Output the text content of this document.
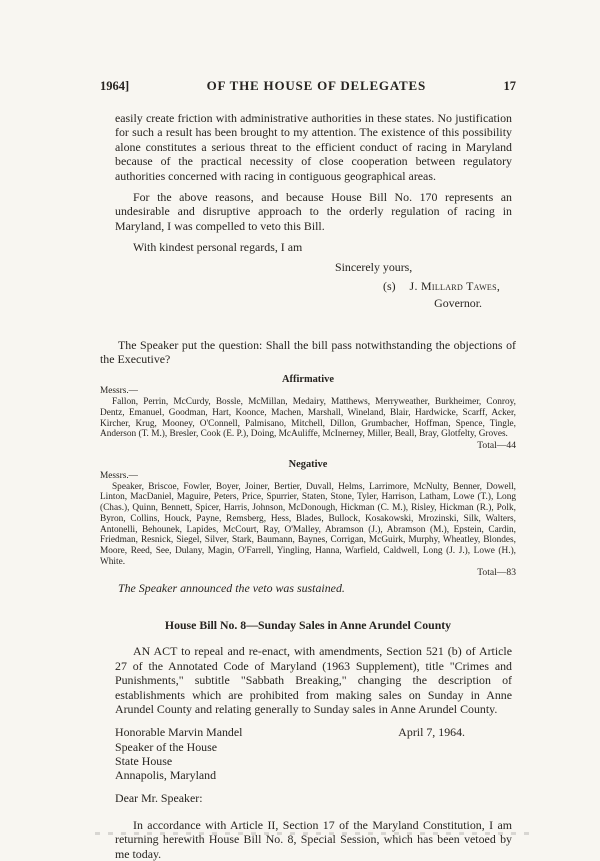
1964]	OF THE HOUSE OF DELEGATES	17

easily create friction with administrative authorities in these states. No justification for such a result has been brought to my attention. The existence of this possibility alone constitutes a serious threat to the efficient conduct of racing in Maryland because of the practical necessity of close cooperation between regulatory authorities concerned with racing in contiguous geographical areas.

For the above reasons, and because House Bill No. 170 represents an undesirable and disruptive approach to the orderly regulation of racing in Maryland, I was compelled to veto this Bill.

With kindest personal regards, I am

Sincerely yours,

(s) J. Millard Tawes,

Governor.

The Speaker put the question: Shall the bill pass notwithstanding the objections of the Executive?

Affirmative

Messrs.—

Fallon, Perrin, McCurdy, Bossle, McMillan, Medairy, Matthews, Merryweather, Burkheimer, Conroy, Dentz, Emanuel, Goodman, Hart, Koonce, Machen, Marshall, Wineland, Blair, Hardwicke, Scarff, Acker, Kircher, Krug, Mooney, O'Connell, Palmisano, Mitchell, Dillon, Grumbacher, Hoffman, Spence, Tingle, Anderson (T. M.), Bresler, Cook (E. P.), Doing, McAuliffe, McInerney, Miller, Beall, Bray, Glotfelty, Groves.

Total—44

Negative

Messrs.—

Speaker, Briscoe, Fowler, Boyer, Joiner, Bertier, Duvall, Helms, Larrimore, McNulty, Benner, Dowell, Linton, MacDaniel, Maguire, Peters, Price, Spurrier, Staten, Stone, Tyler, Harrison, Latham, Lowe (T.), Long (Chas.), Quinn, Bennett, Spicer, Harris, Johnson, McDonough, Hickman (C. M.), Risley, Hickman (R.), Polk, Byron, Collins, Houck, Payne, Remsberg, Hess, Blades, Bullock, Kosakowski, Mrozinski, Silk, Walters, Antonelli, Behounek, Lapides, McCourt, Ray, O'Malley, Abramson (J.), Abramson (M.), Epstein, Cardin, Friedman, Resnick, Siegel, Silver, Stark, Baumann, Baynes, Corrigan, McGuirk, Murphy, Wheatley, Blondes, Moore, Reed, See, Dulany, Magin, O'Farrell, Yingling, Hanna, Warfield, Caldwell, Long (J. J.), Lowe (H.), White.

Total—83

The Speaker announced the veto was sustained.

House Bill No. 8—Sunday Sales in Anne Arundel County

AN ACT to repeal and re-enact, with amendments, Section 521 (b) of Article 27 of the Annotated Code of Maryland (1963 Supplement), title "Crimes and Punishments," subtitle "Sabbath Breaking," changing the description of establishments which are prohibited from making sales on Sunday in Anne Arundel County and relating generally to Sunday sales in Anne Arundel County.

Honorable Marvin Mandel	April 7, 1964.
Speaker of the House
State House
Annapolis, Maryland

Dear Mr. Speaker:

In accordance with Article II, Section 17 of the Maryland Constitution, I am returning herewith House Bill No. 8, Special Session, which has been vetoed by me today.
